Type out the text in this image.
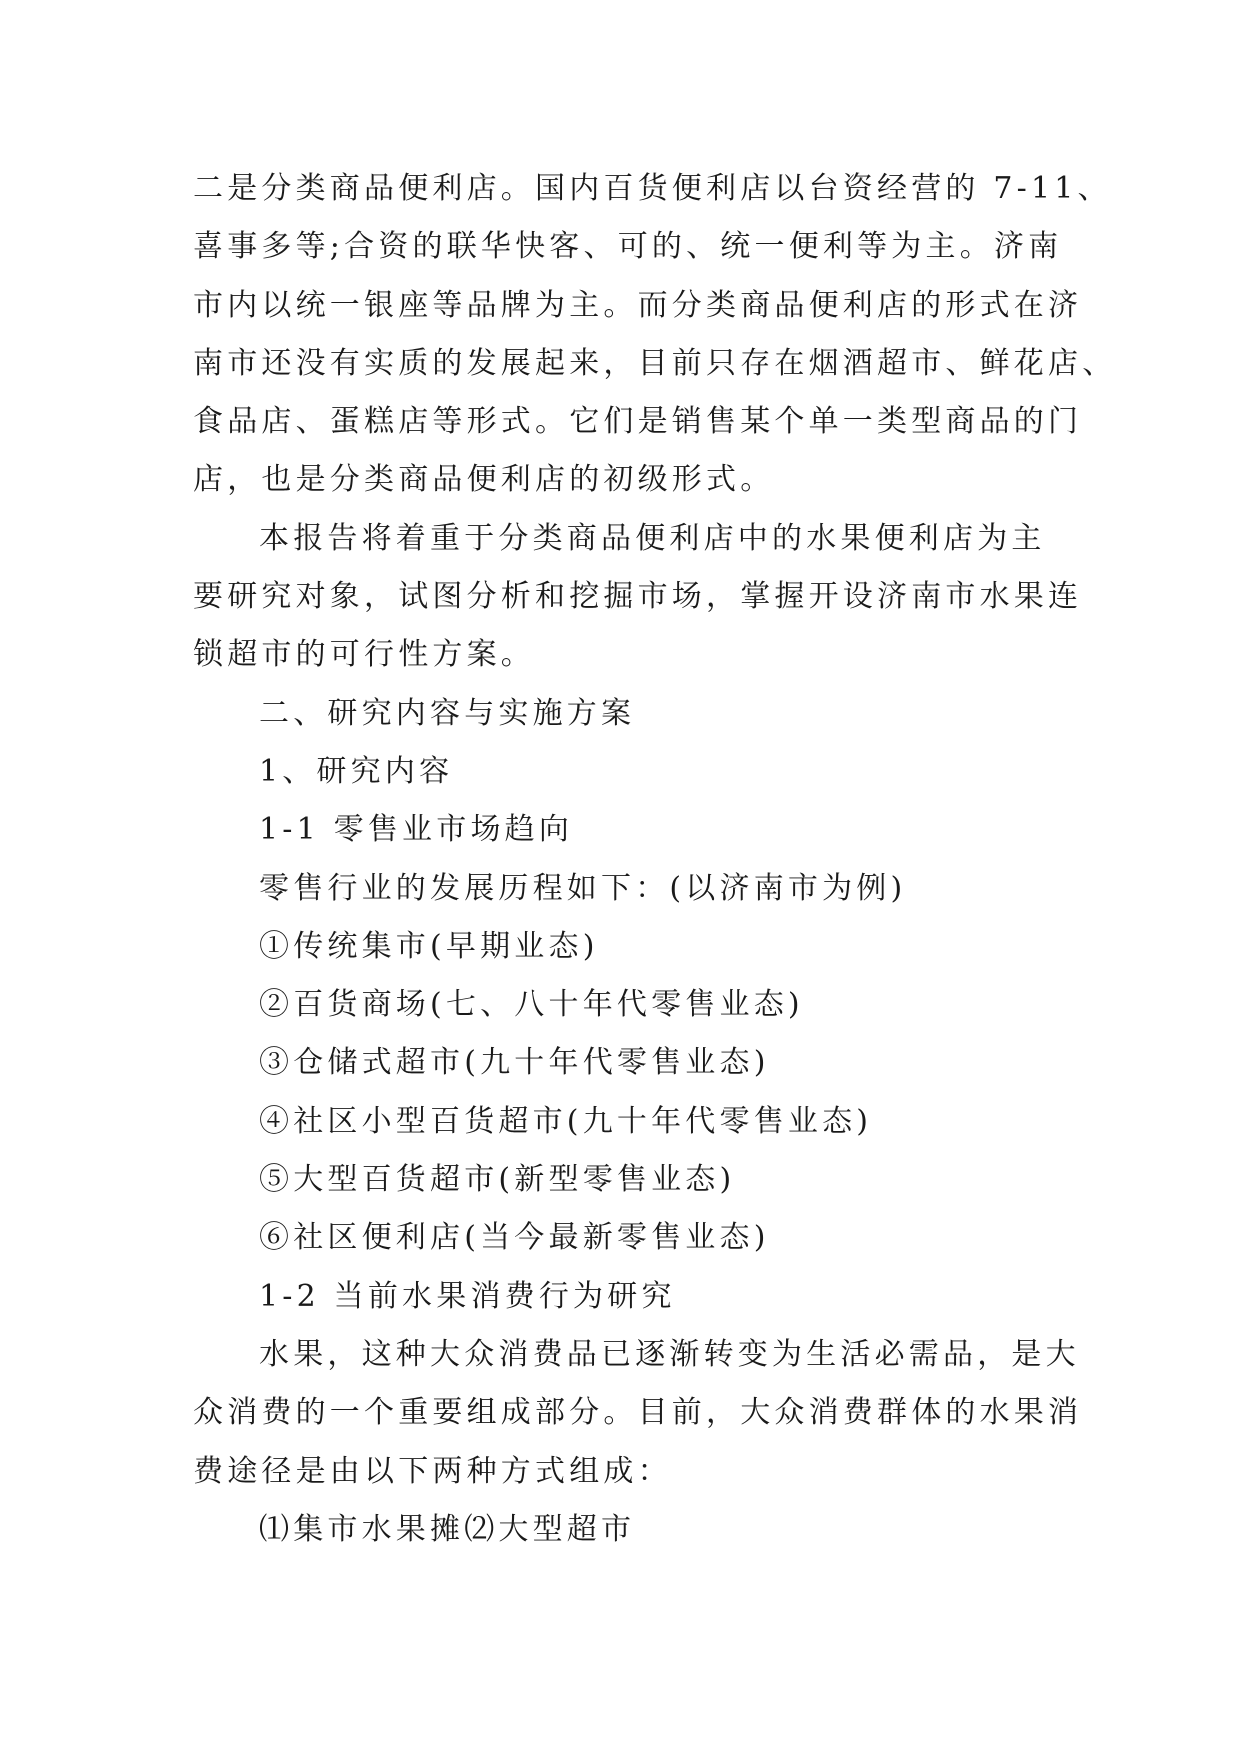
二是分类商品便利店。国内百货便利店以台资经营的 7-11、
喜事多等;合资的联华快客、可的、统一便利等为主。济南
市内以统一银座等品牌为主。而分类商品便利店的形式在济
南市还没有实质的发展起来，目前只存在烟酒超市、鲜花店、
食品店、蛋糕店等形式。它们是销售某个单一类型商品的门
店，也是分类商品便利店的初级形式。
本报告将着重于分类商品便利店中的水果便利店为主
要研究对象，试图分析和挖掘市场，掌握开设济南市水果连
锁超市的可行性方案。
二、研究内容与实施方案
1、研究内容
1-1 零售业市场趋向
零售行业的发展历程如下：(以济南市为例)
①传统集市(早期业态)
②百货商场(七、八十年代零售业态)
③仓储式超市(九十年代零售业态)
④社区小型百货超市(九十年代零售业态)
⑤大型百货超市(新型零售业态)
⑥社区便利店(当今最新零售业态)
1-2 当前水果消费行为研究
水果，这种大众消费品已逐渐转变为生活必需品，是大
众消费的一个重要组成部分。目前，大众消费群体的水果消
费途径是由以下两种方式组成：
⑴集市水果摊⑵大型超市
